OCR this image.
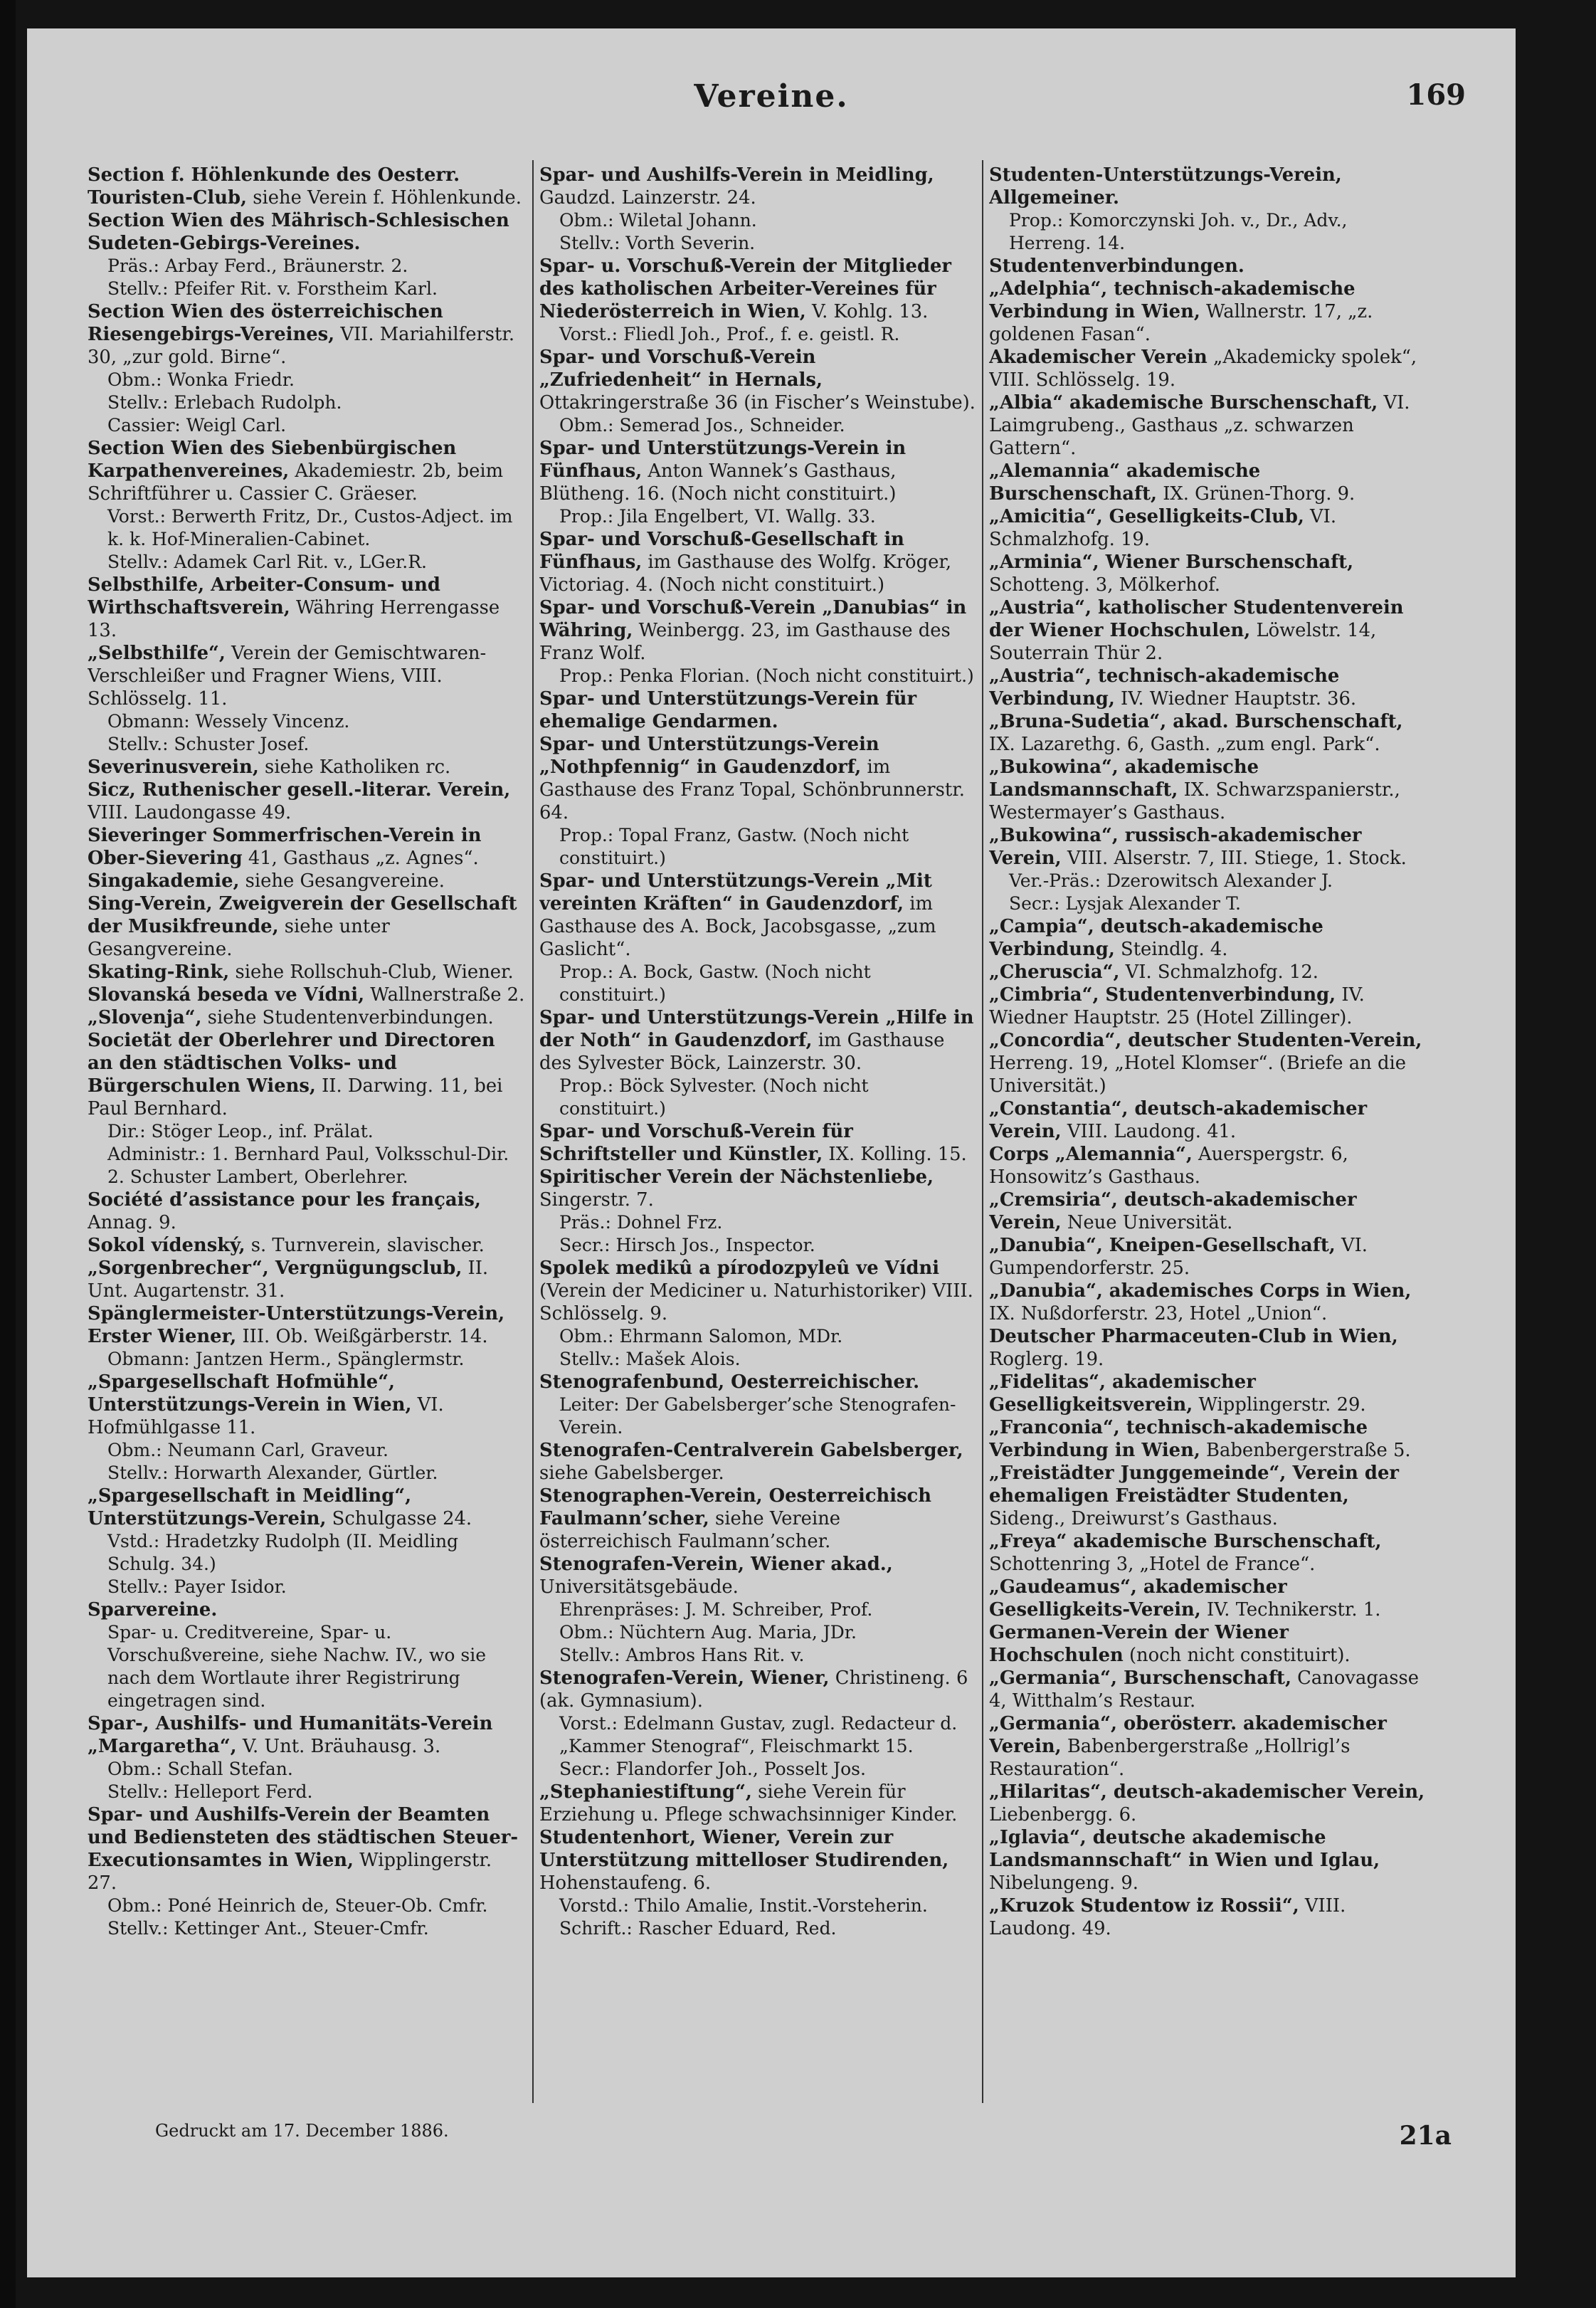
Vereine.	169

Section f. Höhlenkunde des Oesterr. Touristen-Club, siehe Verein f. Höhlenkunde.

Section Wien des Mährisch-Schlesischen Sudeten-Gebirgs-Vereines.

Präs.: Arbay Ferd., Bräunerstr. 2.

Stellv.: Pfeifer Rit. v. Forstheim Karl.

Section Wien des österreichischen Riesengebirgs-Vereines, VII. Mariahilferstr. 30, „zur gold. Birne“.

Obm.: Wonka Friedr.

Stellv.: Erlebach Rudolph.

Cassier: Weigl Carl.

Section Wien des Siebenbürgischen Karpathenvereines, Akademiestr. 2b, beim Schriftführer u. Cassier C. Gräeser.

Vorst.: Berwerth Fritz, Dr., Custos-Adject. im k. k. Hof-Mineralien-Cabinet.

Stellv.: Adamek Carl Rit. v., LGer.R.

Selbsthilfe, Arbeiter-Consum- und Wirthschaftsverein, Währing Herrengasse 13.

„Selbsthilfe“, Verein der Gemischtwaren-Verschleißer und Fragner Wiens, VIII. Schlösselg. 11.

Obmann: Wessely Vincenz.

Stellv.: Schuster Josef.

Severinusverein, siehe Katholiken rc.

Sicz, Ruthenischer gesell.-literar. Verein, VIII. Laudongasse 49.

Sieveringer Sommerfrischen-Verein in Ober-Sievering 41, Gasthaus „z. Agnes“.

Singakademie, siehe Gesangvereine.

Sing-Verein, Zweigverein der Gesellschaft der Musikfreunde, siehe unter Gesangvereine.

Skating-Rink, siehe Rollschuh-Club, Wiener.

Slovanská beseda ve Vídni, Wallnerstraße 2.

„Slovenja“, siehe Studentenverbindungen.

Societät der Oberlehrer und Directoren an den städtischen Volks- und Bürgerschulen Wiens, II. Darwing. 11, bei Paul Bernhard.

Dir.: Stöger Leop., inf. Prälat.

Administr.: 1. Bernhard Paul, Volksschul-Dir. 2. Schuster Lambert, Oberlehrer.

Société d’assistance pour les français, Annag. 9.

Sokol vídenský, s. Turnverein, slavischer.

„Sorgenbrecher“, Vergnügungsclub, II. Unt. Augartenstr. 31.

Spänglermeister-Unterstützungs-Verein, Erster Wiener, III. Ob. Weißgärberstr. 14.

Obmann: Jantzen Herm., Spänglermstr.

„Spargesellschaft Hofmühle“, Unterstützungs-Verein in Wien, VI. Hofmühlgasse 11.

Obm.: Neumann Carl, Graveur.

Stellv.: Horwarth Alexander, Gürtler.

„Spargesellschaft in Meidling“, Unterstützungs-Verein, Schulgasse 24.

Vstd.: Hradetzky Rudolph (II. Meidling Schulg. 34.)

Stellv.: Payer Isidor.

Sparvereine.

Spar- u. Creditvereine, Spar- u. Vorschußvereine, siehe Nachw. IV., wo sie nach dem Wortlaute ihrer Registrirung eingetragen sind.

Spar-, Aushilfs- und Humanitäts-Verein „Margaretha“, V. Unt. Bräuhausg. 3.

Obm.: Schall Stefan.

Stellv.: Helleport Ferd.

Spar- und Aushilfs-Verein der Beamten und Bediensteten des städtischen Steuer-Executionsamtes in Wien, Wipplingerstr. 27.

Obm.: Poné Heinrich de, Steuer-Ob. Cmfr.

Stellv.: Kettinger Ant., Steuer-Cmfr.

Spar- und Aushilfs-Verein in Meidling, Gaudzd. Lainzerstr. 24.

Obm.: Wiletal Johann.

Stellv.: Vorth Severin.

Spar- u. Vorschuß-Verein der Mitglieder des katholischen Arbeiter-Vereines für Niederösterreich in Wien, V. Kohlg. 13.

Vorst.: Fliedl Joh., Prof., f. e. geistl. R.

Spar- und Vorschuß-Verein „Zufriedenheit“ in Hernals, Ottakringerstraße 36 (in Fischer’s Weinstube).

Obm.: Semerad Jos., Schneider.

Spar- und Unterstützungs-Verein in Fünfhaus, Anton Wannek’s Gasthaus, Blütheng. 16. (Noch nicht constituirt.)

Prop.: Jila Engelbert, VI. Wallg. 33.

Spar- und Vorschuß-Gesellschaft in Fünfhaus, im Gasthause des Wolfg. Kröger, Victoriag. 4. (Noch nicht constituirt.)

Spar- und Vorschuß-Verein „Danubias“ in Währing, Weinbergg. 23, im Gasthause des Franz Wolf.

Prop.: Penka Florian. (Noch nicht constituirt.)

Spar- und Unterstützungs-Verein für ehemalige Gendarmen.

Spar- und Unterstützungs-Verein „Nothpfennig“ in Gaudenzdorf, im Gasthause des Franz Topal, Schönbrunnerstr. 64.

Prop.: Topal Franz, Gastw. (Noch nicht constituirt.)

Spar- und Unterstützungs-Verein „Mit vereinten Kräften“ in Gaudenzdorf, im Gasthause des A. Bock, Jacobsgasse, „zum Gaslicht“.

Prop.: A. Bock, Gastw. (Noch nicht constituirt.)

Spar- und Unterstützungs-Verein „Hilfe in der Noth“ in Gaudenzdorf, im Gasthause des Sylvester Böck, Lainzerstr. 30.

Prop.: Böck Sylvester. (Noch nicht constituirt.)

Spar- und Vorschuß-Verein für Schriftsteller und Künstler, IX. Kolling. 15.

Spiritischer Verein der Nächstenliebe, Singerstr. 7.

Präs.: Dohnel Frz.

Secr.: Hirsch Jos., Inspector.

Spolek medikû a pírodozpyleû ve Vídni (Verein der Mediciner u. Naturhistoriker) VIII. Schlösselg. 9.

Obm.: Ehrmann Salomon, MDr.

Stellv.: Mašek Alois.

Stenografenbund, Oesterreichischer.

Leiter: Der Gabelsberger’sche Stenografen-Verein.

Stenografen-Centralverein Gabelsberger, siehe Gabelsberger.

Stenographen-Verein, Oesterreichisch Faulmann’scher, siehe Vereine österreichisch Faulmann’scher.

Stenografen-Verein, Wiener akad., Universitätsgebäude.

Ehrenpräses: J. M. Schreiber, Prof.

Obm.: Nüchtern Aug. Maria, JDr.

Stellv.: Ambros Hans Rit. v.

Stenografen-Verein, Wiener, Christineng. 6 (ak. Gymnasium).

Vorst.: Edelmann Gustav, zugl. Redacteur d. „Kammer Stenograf“, Fleischmarkt 15.

Secr.: Flandorfer Joh., Posselt Jos.

„Stephaniestiftung“, siehe Verein für Erziehung u. Pflege schwachsinniger Kinder.

Studentenhort, Wiener, Verein zur Unterstützung mittelloser Studirenden, Hohenstaufeng. 6.

Vorstd.: Thilo Amalie, Instit.-Vorsteherin.

Schrift.: Rascher Eduard, Red.

Studenten-Unterstützungs-Verein, Allgemeiner.

Prop.: Komorczynski Joh. v., Dr., Adv., Herreng. 14.

Studentenverbindungen.

„Adelphia“, technisch-akademische Verbindung in Wien, Wallnerstr. 17, „z. goldenen Fasan“.

Akademischer Verein „Akademicky spolek“, VIII. Schlösselg. 19.

„Albia“ akademische Burschenschaft, VI. Laimgrubeng., Gasthaus „z. schwarzen Gattern“.

„Alemannia“ akademische Burschenschaft, IX. Grünen-Thorg. 9.

„Amicitia“, Geselligkeits-Club, VI. Schmalzhofg. 19.

„Arminia“, Wiener Burschenschaft, Schotteng. 3, Mölkerhof.

„Austria“, katholischer Studentenverein der Wiener Hochschulen, Löwelstr. 14, Souterrain Thür 2.

„Austria“, technisch-akademische Verbindung, IV. Wiedner Hauptstr. 36.

„Bruna-Sudetia“, akad. Burschenschaft, IX. Lazarethg. 6, Gasth. „zum engl. Park“.

„Bukowina“, akademische Landsmannschaft, IX. Schwarzspanierstr., Westermayer’s Gasthaus.

„Bukowina“, russisch-akademischer Verein, VIII. Alserstr. 7, III. Stiege, 1. Stock.

Ver.-Präs.: Dzerowitsch Alexander J.

Secr.: Lysjak Alexander T.

„Campia“, deutsch-akademische Verbindung, Steindlg. 4.

„Cheruscia“, VI. Schmalzhofg. 12.

„Cimbria“, Studentenverbindung, IV. Wiedner Hauptstr. 25 (Hotel Zillinger).

„Concordia“, deutscher Studenten-Verein, Herreng. 19, „Hotel Klomser“. (Briefe an die Universität.)

„Constantia“, deutsch-akademischer Verein, VIII. Laudong. 41.

Corps „Alemannia“, Auerspergstr. 6, Honsowitz’s Gasthaus.

„Cremsiria“, deutsch-akademischer Verein, Neue Universität.

„Danubia“, Kneipen-Gesellschaft, VI. Gumpendorferstr. 25.

„Danubia“, akademisches Corps in Wien, IX. Nußdorferstr. 23, Hotel „Union“.

Deutscher Pharmaceuten-Club in Wien, Roglerg. 19.

„Fidelitas“, akademischer Geselligkeitsverein, Wipplingerstr. 29.

„Franconia“, technisch-akademische Verbindung in Wien, Babenbergerstraße 5.

„Freistädter Junggemeinde“, Verein der ehemaligen Freistädter Studenten, Sideng., Dreiwurst’s Gasthaus.

„Freya“ akademische Burschenschaft, Schottenring 3, „Hotel de France“.

„Gaudeamus“, akademischer Geselligkeits-Verein, IV. Technikerstr. 1.

Germanen-Verein der Wiener Hochschulen (noch nicht constituirt).

„Germania“, Burschenschaft, Canovagasse 4, Witthalm’s Restaur.

„Germania“, oberösterr. akademischer Verein, Babenbergerstraße „Hollrigl’s Restauration“.

„Hilaritas“, deutsch-akademischer Verein, Liebenbergg. 6.

„Iglavia“, deutsche akademische Landsmannschaft“ in Wien und Iglau, Nibelungeng. 9.

„Kruzok Studentow iz Rossii“, VIII. Laudong. 49.

Gedruckt am 17. December 1886.	21a
